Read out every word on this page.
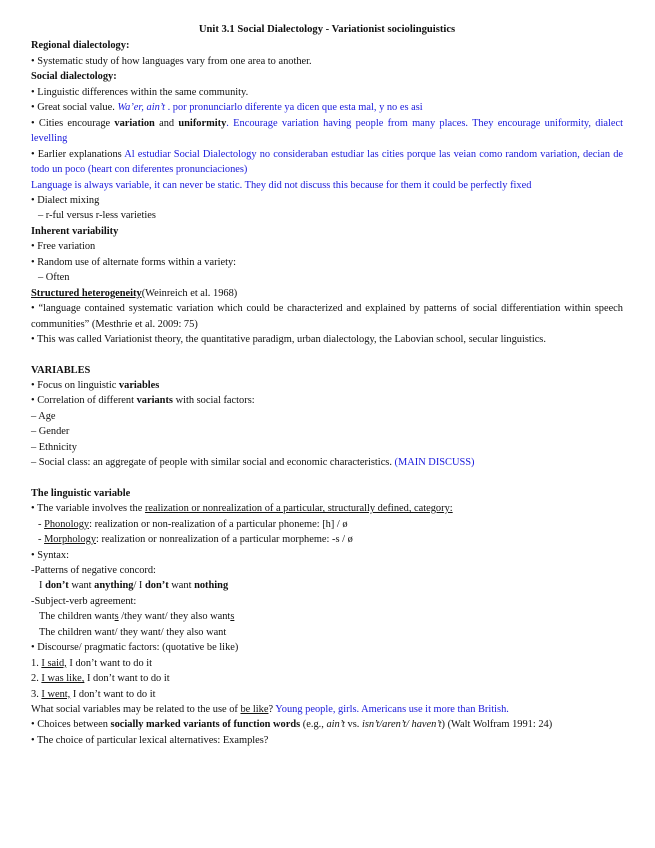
Unit 3.1 Social Dialectology - Variationist sociolinguistics
Regional dialectology:
• Systematic study of how languages vary from one area to another.
Social dialectology:
• Linguistic differences within the same community.
• Great social value. Wa’er, ain’t . por pronunciarlo diferente ya dicen que esta mal, y no es asi
• Cities encourage variation and uniformity. Encourage variation having people from many places. They encourage uniformity, dialect levelling
• Earlier explanations Al estudiar Social Dialectology no consideraban estudiar las cities porque las veian como random variation, decian de todo un poco (heart con diferentes pronunciaciones)
Language is always variable, it can never be static. They did not discuss this because for them it could be perfectly fixed
• Dialect mixing
– r-ful versus r-less varieties
Inherent variability
• Free variation
• Random use of alternate forms within a variety:
– Often
Structured heterogeneity(Weinreich et al. 1968)
• “language contained systematic variation which could be characterized and explained by patterns of social differentiation within speech communities” (Mesthrie et al. 2009: 75)
• This was called Variationist theory, the quantitative paradigm, urban dialectology, the Labovian school, secular linguistics.
VARIABLES
• Focus on linguistic variables
• Correlation of different variants with social factors:
– Age
– Gender
– Ethnicity
– Social class: an aggregate of people with similar social and economic characteristics. (MAIN DISCUSS)
The linguistic variable
• The variable involves the realization or nonrealization of a particular, structurally defined, category:
- Phonology: realization or non-realization of a particular phoneme: [h] / ø
- Morphology: realization or nonrealization of a particular morpheme: -s / ø
• Syntax:
-Patterns of negative concord:
I don’t want anything/ I don’t want nothing
-Subject-verb agreement:
The children wants /they want/ they also wants
The children want/ they want/ they also want
• Discourse/ pragmatic factors: (quotative be like)
1. I said, I don’t want to do it
2. I was like, I don’t want to do it
3. I went, I don’t want to do it
What social variables may be related to the use of be like? Young people, girls. Americans use it more than British.
• Choices between socially marked variants of function words (e.g., ain’t vs. isn’t/aren’t/ haven’t) (Walt Wolfram 1991: 24)
• The choice of particular lexical alternatives: Examples?
